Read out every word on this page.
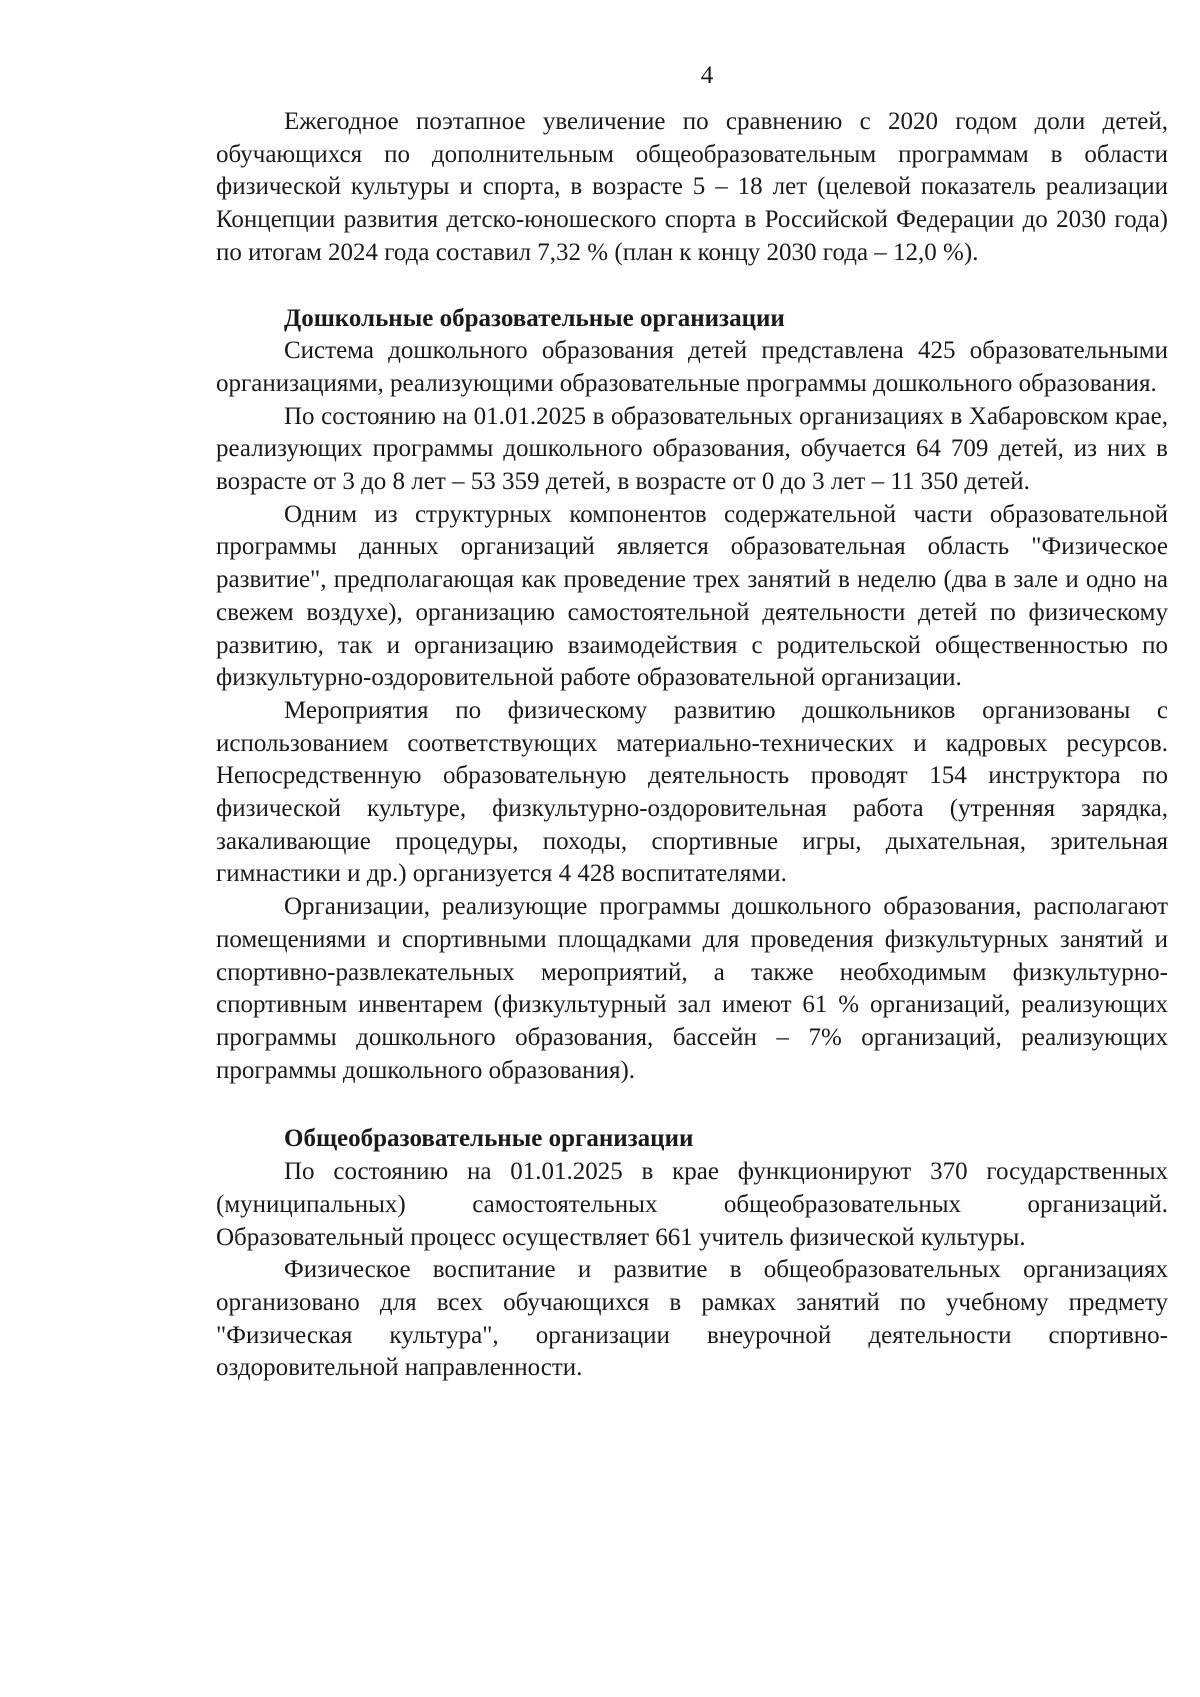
4

Ежегодное поэтапное увеличение по сравнению с 2020 годом доли детей, обучающихся по дополнительным общеобразовательным программам в области физической культуры и спорта, в возрасте 5 – 18 лет (целевой показатель реализации Концепции развития детско-юношеского спорта в Российской Федерации до 2030 года) по итогам 2024 года составил 7,32 % (план к концу 2030 года – 12,0 %).

Дошкольные образовательные организации

Система дошкольного образования детей представлена 425 образовательными организациями, реализующими образовательные программы дошкольного образования.

По состоянию на 01.01.2025 в образовательных организациях в Хабаровском крае, реализующих программы дошкольного образования, обучается 64 709 детей, из них в возрасте от 3 до 8 лет – 53 359 детей, в возрасте от 0 до 3 лет – 11 350 детей.

Одним из структурных компонентов содержательной части образовательной программы данных организаций является образовательная область "Физическое развитие", предполагающая как проведение трех занятий в неделю (два в зале и одно на свежем воздухе), организацию самостоятельной деятельности детей по физическому развитию, так и организацию взаимодействия с родительской общественностью по физкультурно-оздоровительной работе образовательной организации.

Мероприятия по физическому развитию дошкольников организованы с использованием соответствующих материально-технических и кадровых ресурсов. Непосредственную образовательную деятельность проводят 154 инструктора по физической культуре, физкультурно-оздоровительная работа (утренняя зарядка, закаливающие процедуры, походы, спортивные игры, дыхательная, зрительная гимнастики и др.) организуется 4 428 воспитателями.

Организации, реализующие программы дошкольного образования, располагают помещениями и спортивными площадками для проведения физкультурных занятий и спортивно-развлекательных мероприятий, а также необходимым физкультурно-спортивным инвентарем (физкультурный зал имеют 61 % организаций, реализующих программы дошкольного образования, бассейн – 7% организаций, реализующих программы дошкольного образования).

Общеобразовательные организации

По состоянию на 01.01.2025 в крае функционируют 370 государственных (муниципальных) самостоятельных общеобразовательных организаций. Образовательный процесс осуществляет 661 учитель физической культуры.

Физическое воспитание и развитие в общеобразовательных организациях организовано для всех обучающихся в рамках занятий по учебному предмету "Физическая культура", организации внеурочной деятельности спортивно-оздоровительной направленности.
